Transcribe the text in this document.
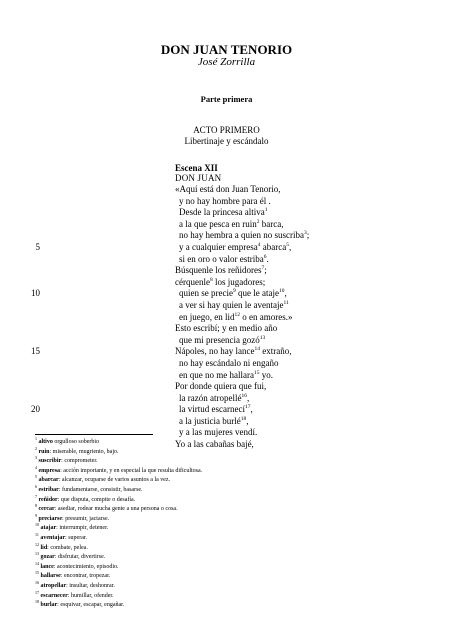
DON JUAN TENORIO
José Zorrilla
Parte primera
ACTO PRIMERO
Libertinaje y escándalo
Escena XII
DON JUAN
5
10
15
20
«Aquí está don Juan Tenorio,
y no hay hombre para él .
Desde la princesa altiva$^1$
a la que pesca en ruin$^2$ barca,
no hay hembra a quien no suscriba$^3$;
y a cualquier empresa$^4$ abarca$^5$,
si en oro o valor estriba$^6$.
Búsquenle los reñidores$^7$;
cérquenle$^8$ los jugadores;
quien se precie$^9$ que le ataje$^{10}$,
a ver si hay quien le aventaje$^{11}$
en juego, en lid$^{12}$ o en amores.»
Esto escribí; y en medio año
que mi presencia gozó$^{13}$
Nápoles, no hay lance$^{14}$ extraño,
no hay escándalo ni engaño
en que no me hallara$^{15}$ yo.
Por donde quiera que fui,
la razón atropellé$^{16}$,
la virtud escarnecí$^{17}$,
a la justicia burlé$^{18}$,
y a las mujeres vendí.
Yo a las cabañas bajé,
$^1$ altivo orgulloso soberbio
$^2$ ruin: miserable, mugriento, bajo.
$^3$ suscribir: comprometer.
$^4$ empresa: acción importante, y en especial la que resulta dificultosa.
$^5$ abarcar: alcanzar, ocuparse de varios asuntos a la vez.
$^6$ estribar: fundamentarse, consistir, basarse.
$^7$ reñidor: que disputa, compite o desafía.
$^8$ cercar: asediar, rodear mucha gente a una persona o cosa.
$^9$ preciarse: presumir, jactarse.
$^{10}$ atajar: interrumpir, detener.
$^{11}$ aventajar: superar.
$^{12}$ lid: combate, pelea.
$^{13}$ gozar: disfrutar, divertirse.
$^{14}$ lance: acontecimiento, episodio.
$^{15}$ hallarse: encontrar, tropezar.
$^{16}$ atropellar: insultar, deshonrar.
$^{17}$ escarnecer: humillar, ofender.
$^{18}$ burlar: esquivar, escapar, engañar.
